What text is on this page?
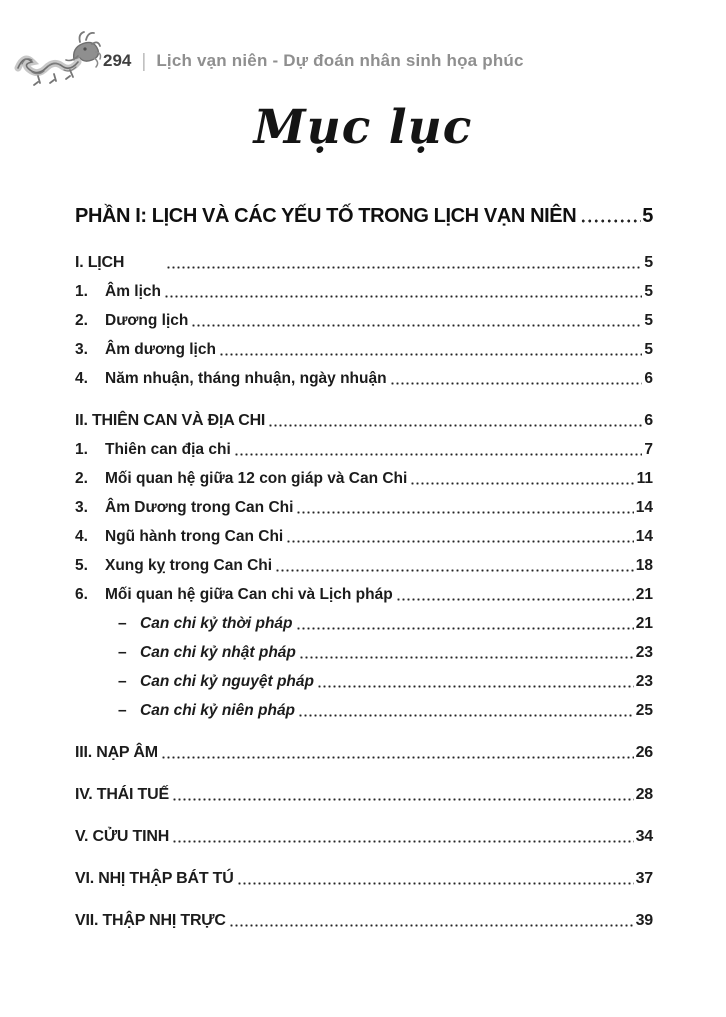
294 | Lịch vạn niên - Dự đoán nhân sinh họa phúc
Mục lục
PHẦN I: LỊCH VÀ CÁC YẾU TỐ TRONG LỊCH VẠN NIÊN	5
I. LỊCH	5
1.	Âm lịch	5
2.	Dương lịch	5
3.	Âm dương lịch	5
4.	Năm nhuận, tháng nhuận, ngày nhuận	6
II. THIÊN CAN VÀ ĐỊA CHI	6
1.	Thiên can địa chi	7
2.	Mối quan hệ giữa 12 con giáp và Can Chi	11
3.	Âm Dương trong Can Chi	14
4.	Ngũ hành trong Can Chi	14
5.	Xung kỵ trong Can Chi	18
6.	Mối quan hệ giữa Can chi và Lịch pháp	21
– Can chi kỷ thời pháp	21
– Can chi kỷ nhật pháp	23
– Can chi kỷ nguyệt pháp	23
– Can chi kỷ niên pháp	25
III. NẠP ÂM	26
IV. THÁI TUẾ	28
V. CỬU TINH	34
VI. NHỊ THẬP BÁT TÚ	37
VII. THẬP NHỊ TRỰC	39
